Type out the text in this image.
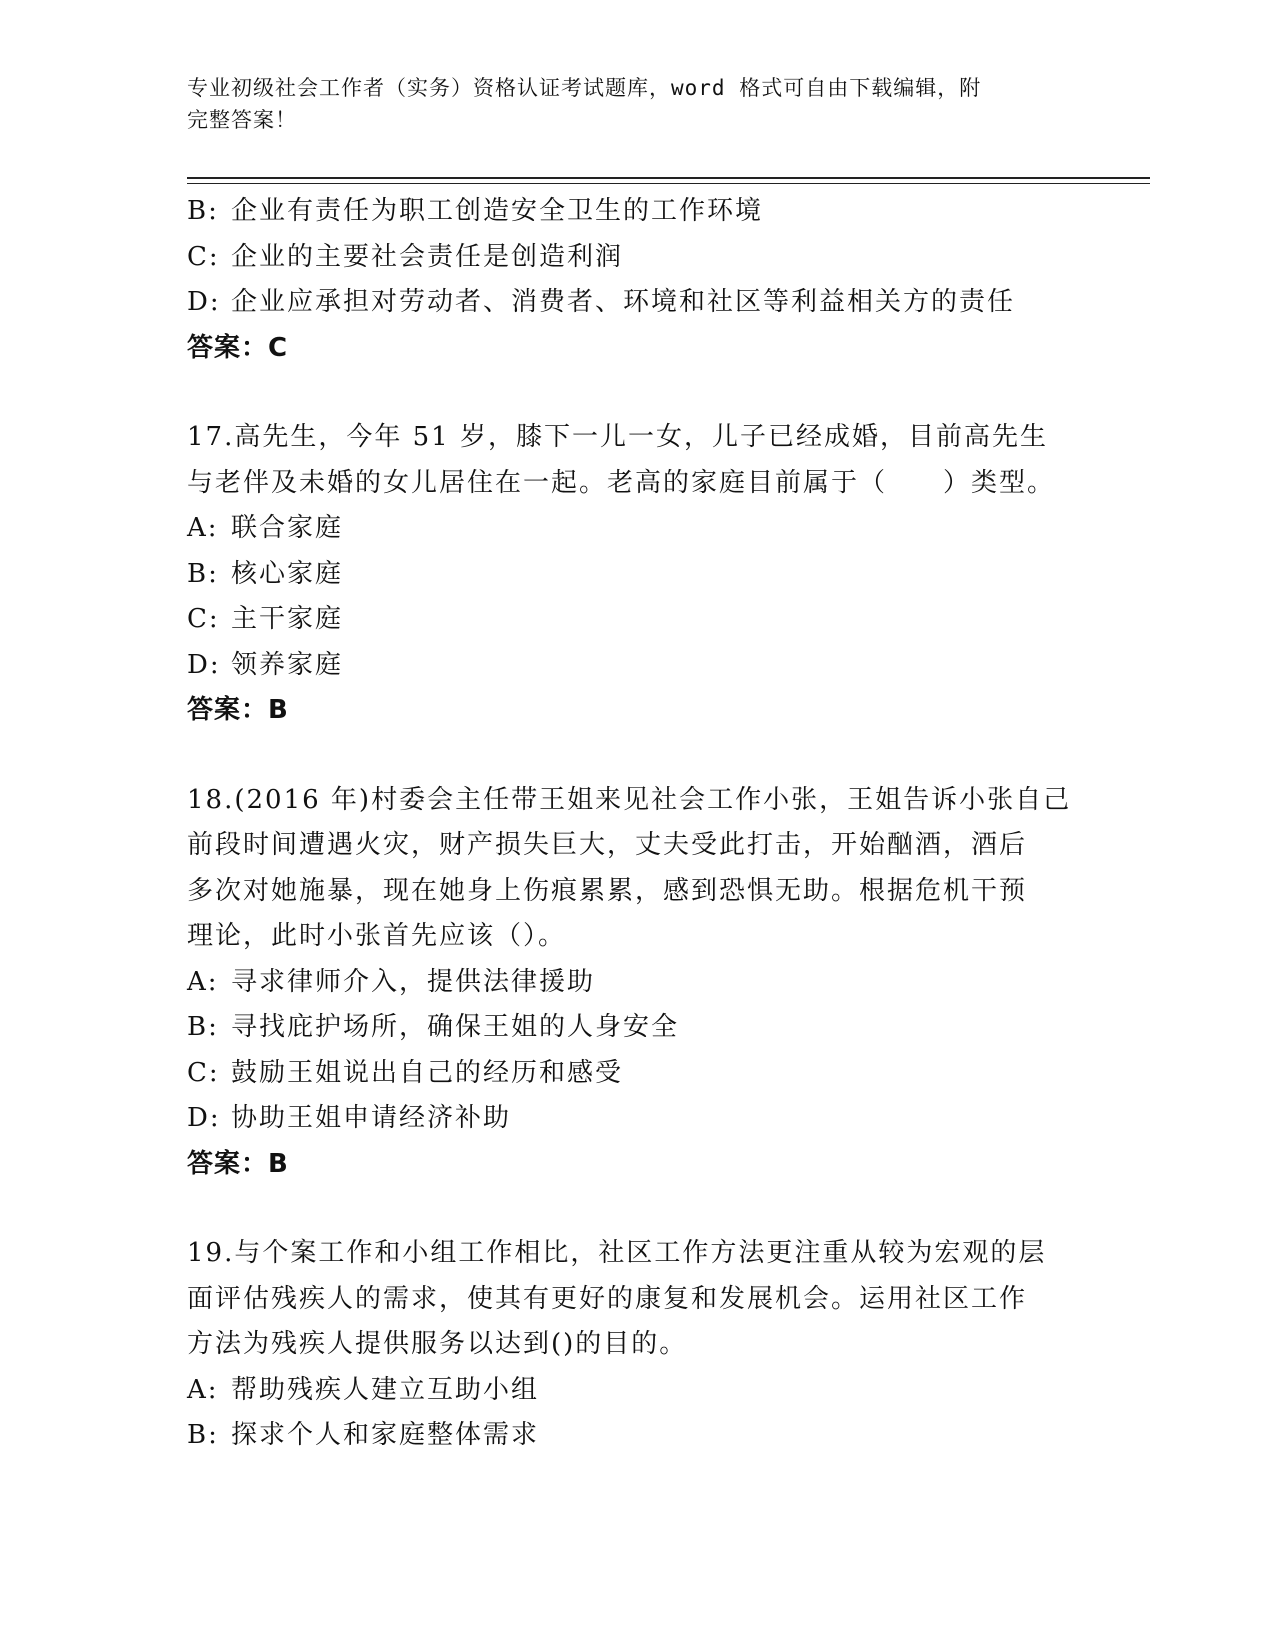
专业初级社会工作者（实务）资格认证考试题库，word 格式可自由下载编辑，附
完整答案！
B: 企业有责任为职工创造安全卫生的工作环境
C: 企业的主要社会责任是创造利润
D: 企业应承担对劳动者、消费者、环境和社区等利益相关方的责任
答案：C
17.高先生，今年 51 岁，膝下一儿一女，儿子已经成婚，目前高先生
与老伴及未婚的女儿居住在一起。老高的家庭目前属于（　　）类型。
A: 联合家庭
B: 核心家庭
C: 主干家庭
D: 领养家庭
答案：B
18.(2016 年)村委会主任带王姐来见社会工作小张，王姐告诉小张自己
前段时间遭遇火灾，财产损失巨大，丈夫受此打击，开始酗酒，酒后
多次对她施暴，现在她身上伤痕累累，感到恐惧无助。根据危机干预
理论，此时小张首先应该（）。
A: 寻求律师介入，提供法律援助
B: 寻找庇护场所，确保王姐的人身安全
C: 鼓励王姐说出自己的经历和感受
D: 协助王姐申请经济补助
答案：B
19.与个案工作和小组工作相比，社区工作方法更注重从较为宏观的层
面评估残疾人的需求，使其有更好的康复和发展机会。运用社区工作
方法为残疾人提供服务以达到()的目的。
A: 帮助残疾人建立互助小组
B: 探求个人和家庭整体需求
